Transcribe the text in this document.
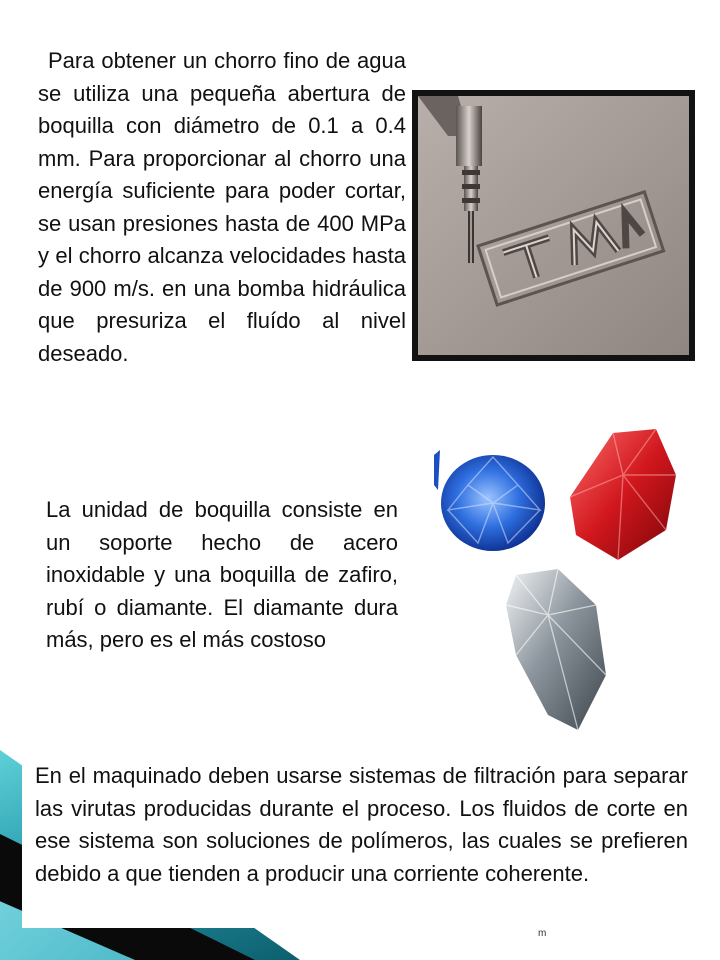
Para obtener un chorro fino de agua se utiliza una pequeña abertura de boquilla con diámetro de 0.1 a 0.4 mm. Para proporcionar al chorro una energía suficiente para poder cortar, se usan presiones hasta de 400 MPa y el chorro alcanza velocidades hasta de 900 m/s. en una bomba hidráulica que presuriza el fluído al nivel deseado.

La unidad de boquilla consiste en un soporte hecho de acero inoxidable y una boquilla de zafiro, rubí o diamante. El diamante dura más, pero es el más costoso

En el maquinado deben usarse sistemas de filtración para separar las virutas producidas durante el proceso. Los fluidos de corte en ese sistema son soluciones de polímeros, las cuales se prefieren debido a que tienden a producir una corriente coherente.

m
